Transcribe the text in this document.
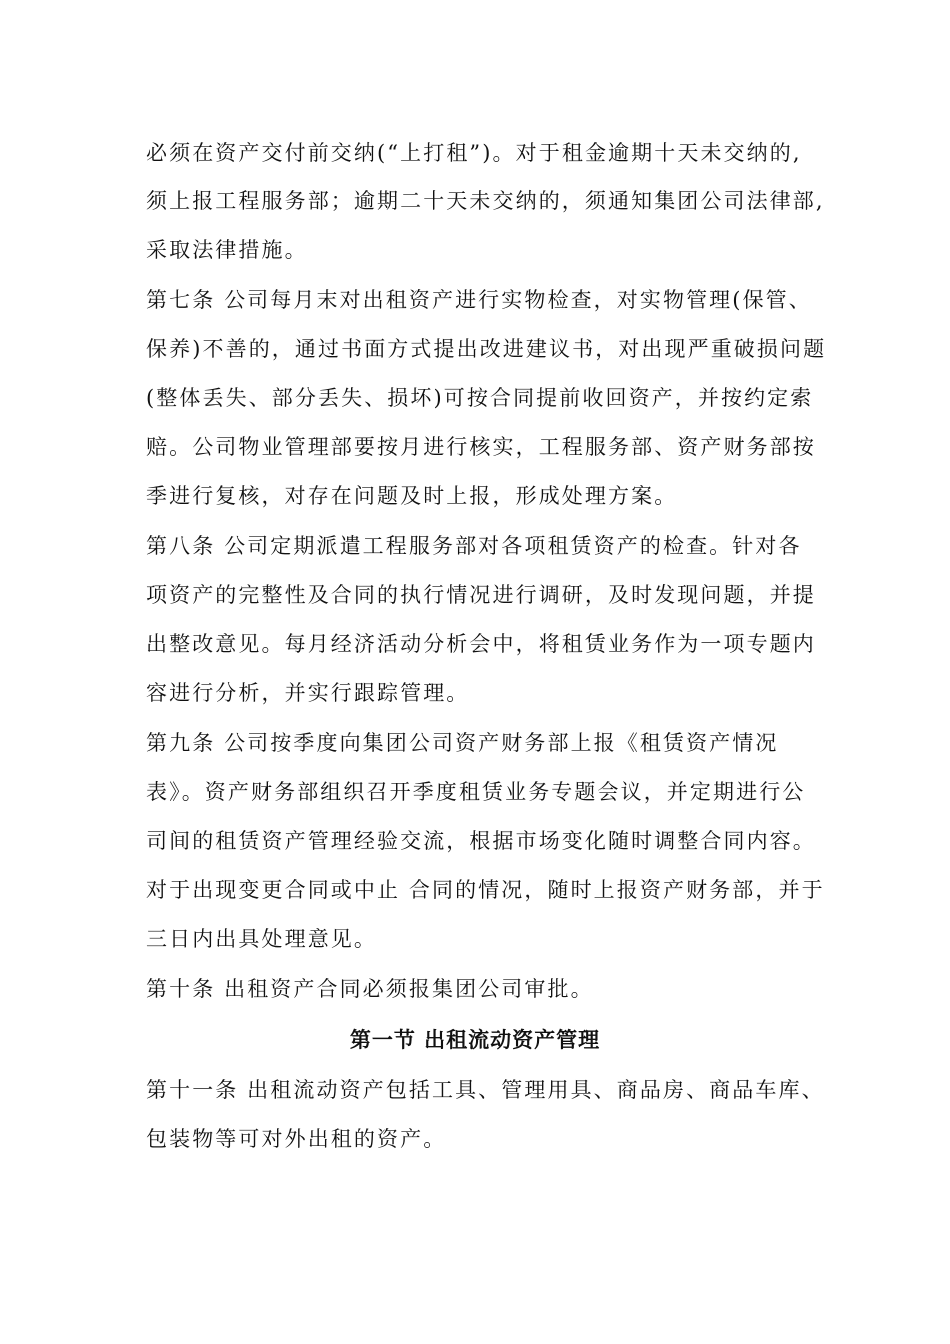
必须在资产交付前交纳(“上打租”)。对于租金逾期十天未交纳的,
须上报工程服务部；逾期二十天未交纳的，须通知集团公司法律部,
采取法律措施。
第七条 公司每月末对出租资产进行实物检查，对实物管理(保管、
保养)不善的，通过书面方式提出改进建议书，对出现严重破损问题
(整体丢失、部分丢失、损坏)可按合同提前收回资产，并按约定索
赔。公司物业管理部要按月进行核实，工程服务部、资产财务部按
季进行复核，对存在问题及时上报，形成处理方案。
第八条 公司定期派遣工程服务部对各项租赁资产的检查。针对各
项资产的完整性及合同的执行情况进行调研，及时发现问题，并提
出整改意见。每月经济活动分析会中，将租赁业务作为一项专题内
容进行分析，并实行跟踪管理。
第九条 公司按季度向集团公司资产财务部上报《租赁资产情况
表》。资产财务部组织召开季度租赁业务专题会议，并定期进行公
司间的租赁资产管理经验交流，根据市场变化随时调整合同内容。
对于出现变更合同或中止 合同的情况，随时上报资产财务部，并于
三日内出具处理意见。
第十条 出租资产合同必须报集团公司审批。
第一节 出租流动资产管理
第十一条 出租流动资产包括工具、管理用具、商品房、商品车库、
包装物等可对外出租的资产。
